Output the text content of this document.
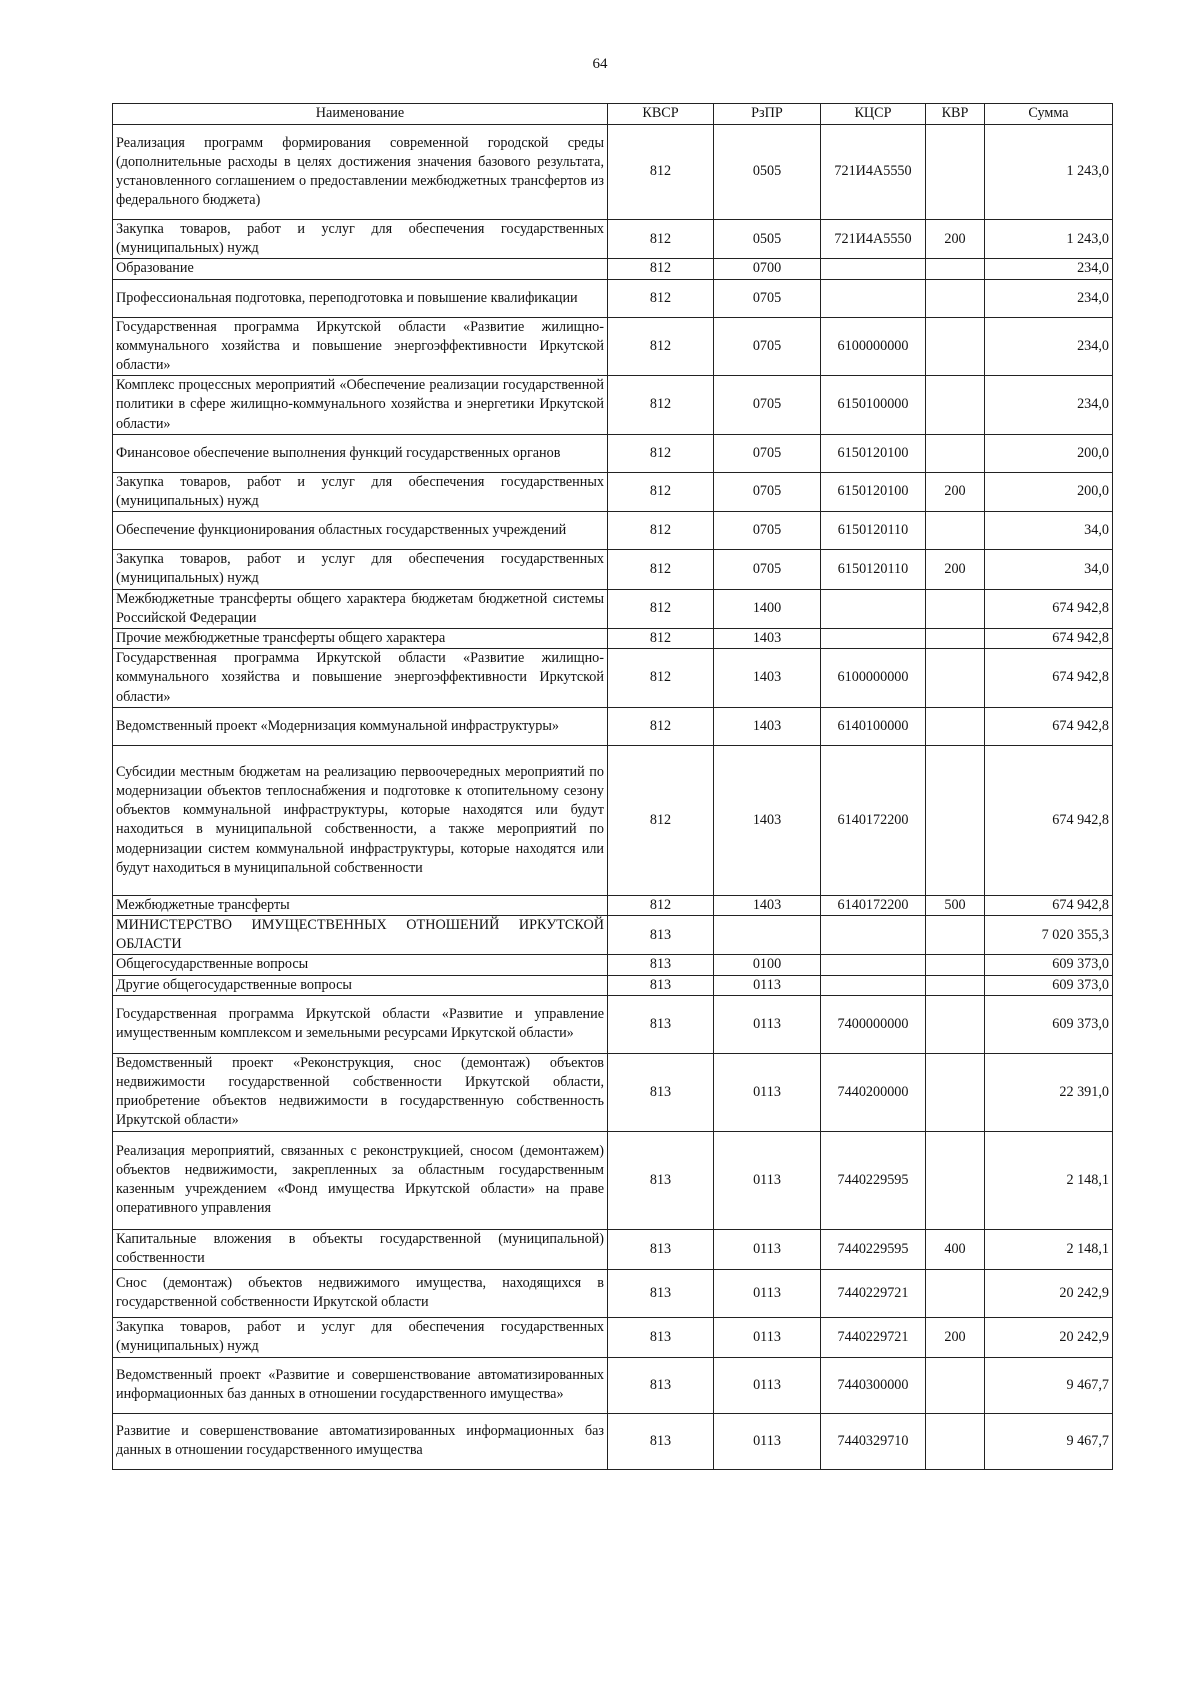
64
Наименование	КВСР	РзПР	КЦСР	КВР	Сумма
Реализация программ формирования современной городской среды (дополнительные расходы в целях достижения значения базового результата, установленного соглашением о предоставлении межбюджетных трансфертов из федерального бюджета)	812	0505	721И4А5550		1 243,0
Закупка товаров, работ и услуг для обеспечения государственных (муниципальных) нужд	812	0505	721И4А5550	200	1 243,0
Образование	812	0700			234,0
Профессиональная подготовка, переподготовка и повышение квалификации	812	0705			234,0
Государственная программа Иркутской области «Развитие жилищно-коммунального хозяйства и повышение энергоэффективности Иркутской области»	812	0705	6100000000		234,0
Комплекс процессных мероприятий «Обеспечение реализации государственной политики в сфере жилищно-коммунального хозяйства и энергетики Иркутской области»	812	0705	6150100000		234,0
Финансовое обеспечение выполнения функций государственных органов	812	0705	6150120100		200,0
Закупка товаров, работ и услуг для обеспечения государственных (муниципальных) нужд	812	0705	6150120100	200	200,0
Обеспечение функционирования областных государственных учреждений	812	0705	6150120110		34,0
Закупка товаров, работ и услуг для обеспечения государственных (муниципальных) нужд	812	0705	6150120110	200	34,0
Межбюджетные трансферты общего характера бюджетам бюджетной системы Российской Федерации	812	1400			674 942,8
Прочие межбюджетные трансферты общего характера	812	1403			674 942,8
Государственная программа Иркутской области «Развитие жилищно-коммунального хозяйства и повышение энергоэффективности Иркутской области»	812	1403	6100000000		674 942,8
Ведомственный проект «Модернизация коммунальной инфраструктуры»	812	1403	6140100000		674 942,8
Субсидии местным бюджетам на реализацию первоочередных мероприятий по модернизации объектов теплоснабжения и подготовке к отопительному сезону объектов коммунальной инфраструктуры, которые находятся или будут находиться в муниципальной собственности, а также мероприятий по модернизации систем коммунальной инфраструктуры, которые находятся или будут находиться в муниципальной собственности	812	1403	6140172200		674 942,8
Межбюджетные трансферты	812	1403	6140172200	500	674 942,8
МИНИСТЕРСТВО ИМУЩЕСТВЕННЫХ ОТНОШЕНИЙ ИРКУТСКОЙ ОБЛАСТИ	813				7 020 355,3
Общегосударственные вопросы	813	0100			609 373,0
Другие общегосударственные вопросы	813	0113			609 373,0
Государственная программа Иркутской области «Развитие и управление имущественным комплексом и земельными ресурсами Иркутской области»	813	0113	7400000000		609 373,0
Ведомственный проект «Реконструкция, снос (демонтаж) объектов недвижимости государственной собственности Иркутской области, приобретение объектов недвижимости в государственную собственность Иркутской области»	813	0113	7440200000		22 391,0
Реализация мероприятий, связанных с реконструкцией, сносом (демонтажем) объектов недвижимости, закрепленных за областным государственным казенным учреждением «Фонд имущества Иркутской области» на праве оперативного управления	813	0113	7440229595		2 148,1
Капитальные вложения в объекты государственной (муниципальной) собственности	813	0113	7440229595	400	2 148,1
Снос (демонтаж) объектов недвижимого имущества, находящихся в государственной собственности Иркутской области	813	0113	7440229721		20 242,9
Закупка товаров, работ и услуг для обеспечения государственных (муниципальных) нужд	813	0113	7440229721	200	20 242,9
Ведомственный проект «Развитие и совершенствование автоматизированных информационных баз данных в отношении государственного имущества»	813	0113	7440300000		9 467,7
Развитие и совершенствование автоматизированных информационных баз данных в отношении государственного имущества	813	0113	7440329710		9 467,7
